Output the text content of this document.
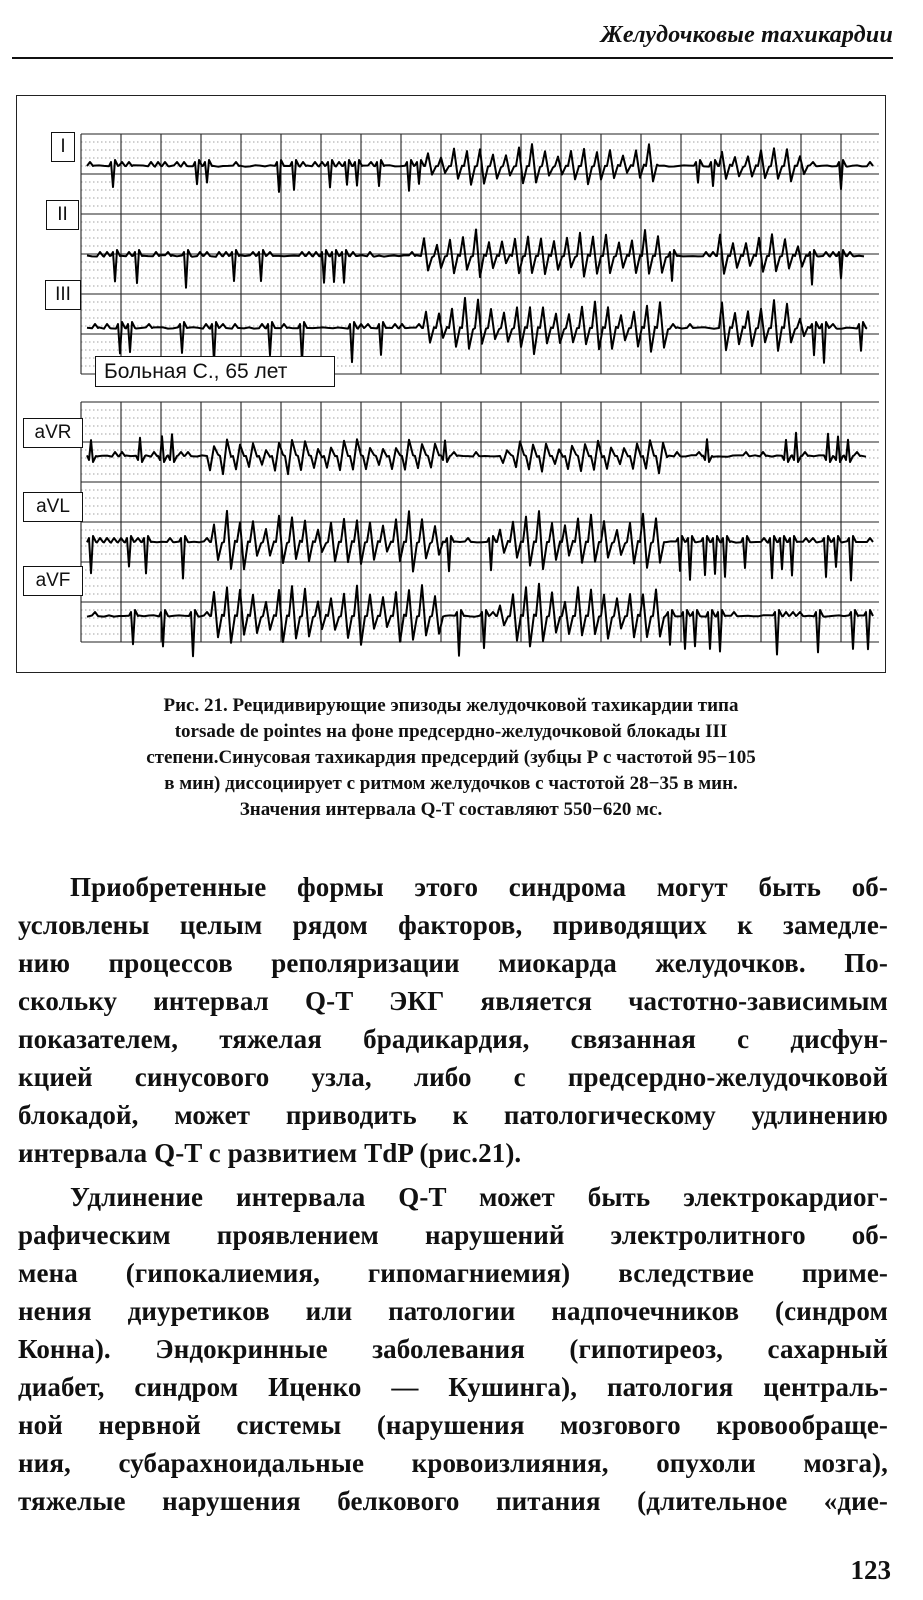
Желудочковые тахикардии
I
II
III
Больная С., 65 лет
aVR
aVL
aVF
Рис. 21. Рецидивирующие эпизоды желудочковой тахикардии типа
torsade de pointes на фоне предсердно-желудочковой блокады III
степени.Синусовая тахикардия предсердий (зубцы Р с частотой 95−105
в мин) диссоциирует с ритмом желудочков с частотой 28−35 в мин.
Значения интервала Q-T составляют 550−620 мс.
Приобретенные формы этого синдрома могут быть об-
условлены целым рядом факторов, приводящих к замедле-
нию процессов реполяризации миокарда желудочков. По-
скольку интервал Q-T ЭКГ является частотно-зависимым
показателем, тяжелая брадикардия, связанная с дисфун-
кцией синусового узла, либо с предсердно-желудочковой
блокадой, может приводить к патологическому удлинению
интервала Q-T с развитием TdP (рис.21).
Удлинение интервала Q-T может быть электрокардиог-
рафическим проявлением нарушений электролитного об-
мена (гипокалиемия, гипомагниемия) вследствие приме-
нения диуретиков или патологии надпочечников (синдром
Конна). Эндокринные заболевания (гипотиреоз, сахарный
диабет, синдром Иценко — Кушинга), патология централь-
ной нервной системы (нарушения мозгового кровообраще-
ния, субарахноидальные кровоизлияния, опухоли мозга),
тяжелые нарушения белкового питания (длительное «дие-
123
